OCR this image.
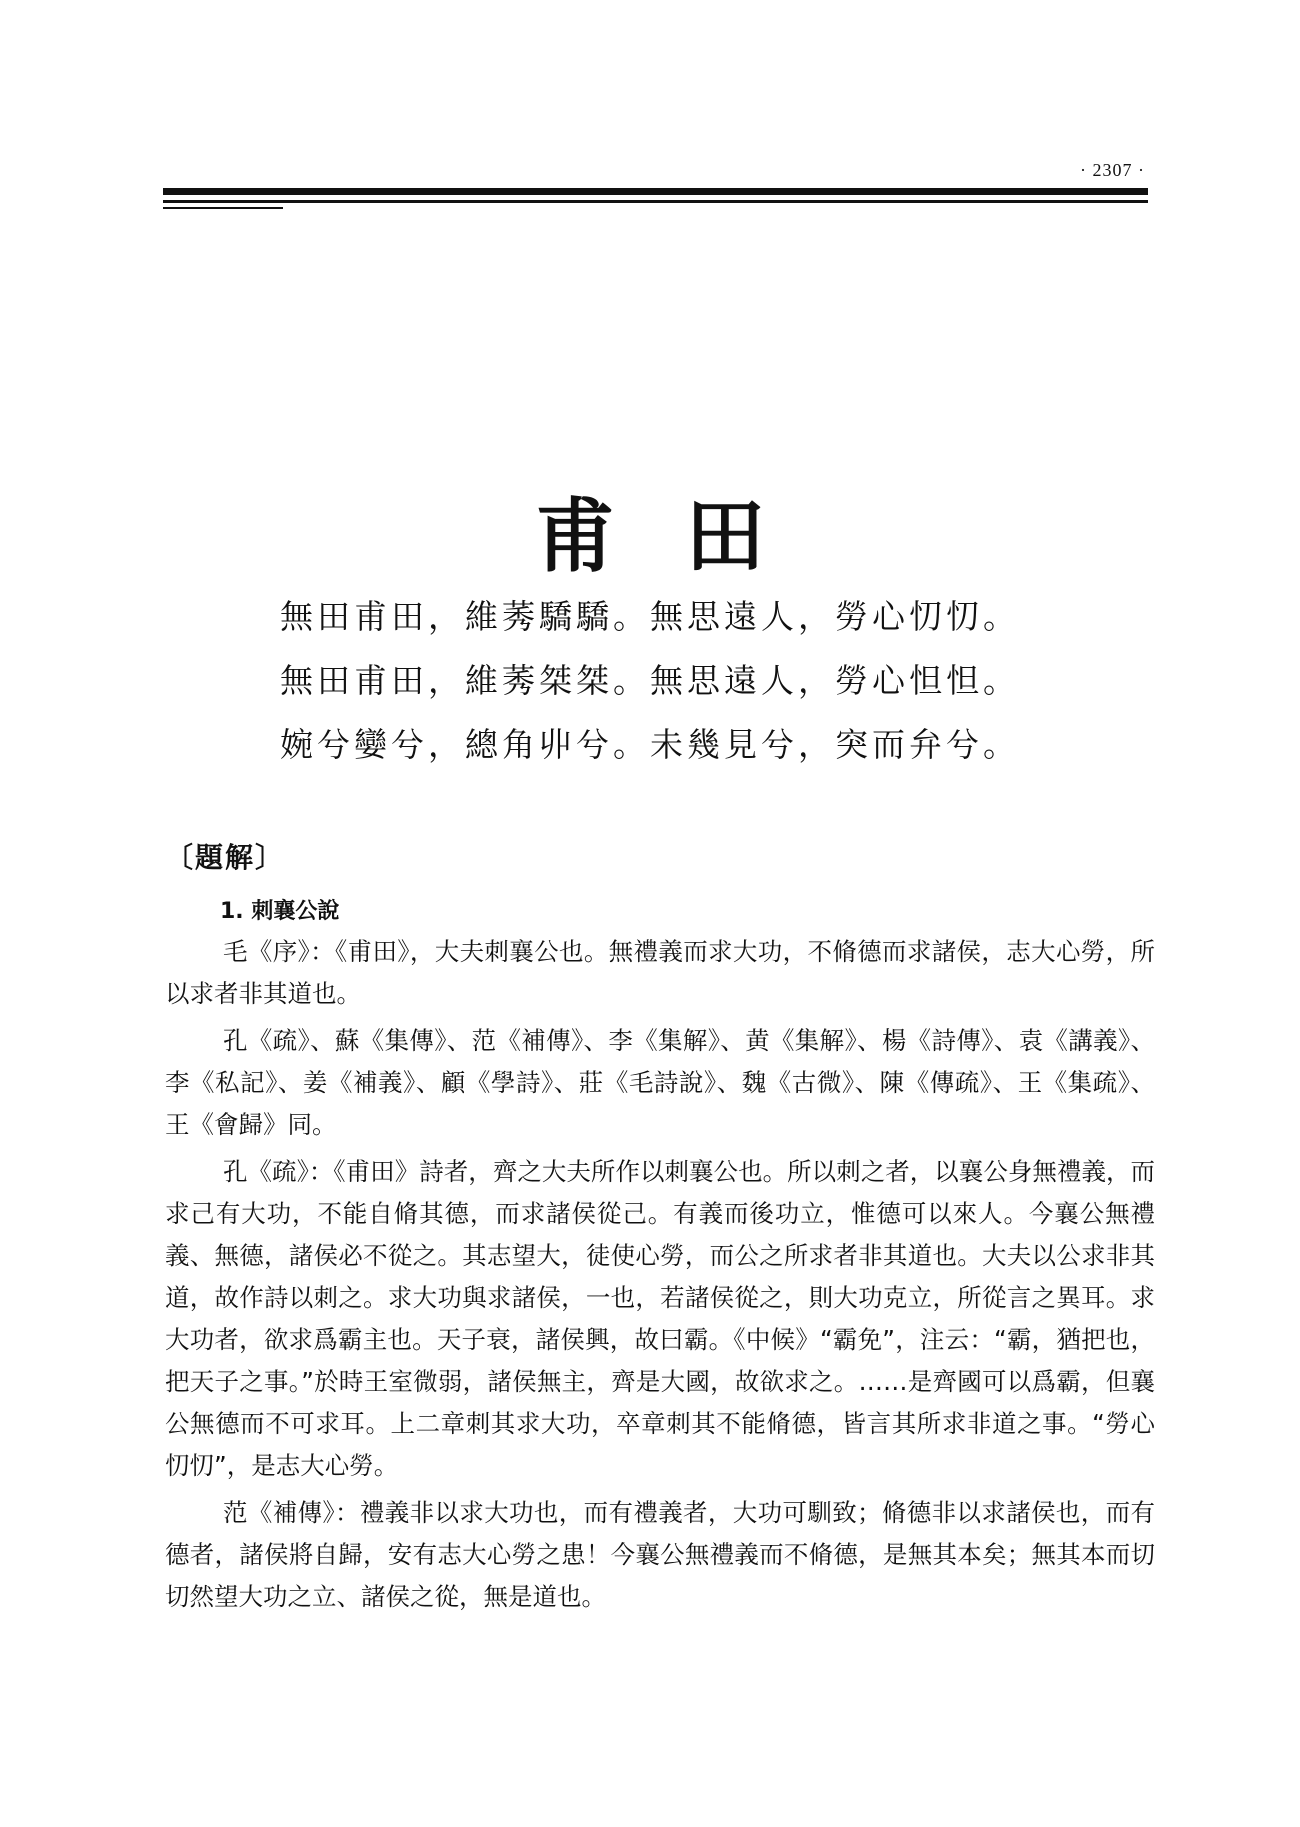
· 2307 ·
甫田
無田甫田，維莠驕驕。無思遠人，勞心忉忉。
無田甫田，維莠桀桀。無思遠人，勞心怛怛。
婉兮孌兮，總角丱兮。未幾見兮，突而弁兮。
〔題解〕
1. 刺襄公說

毛《序》：《甫田》，大夫刺襄公也。無禮義而求大功，不脩德而求諸侯，志大心勞，所以求者非其道也。

孔《疏》、蘇《集傳》、范《補傳》、李《集解》、黄《集解》、楊《詩傳》、袁《講義》、李《私記》、姜《補義》、顧《學詩》、莊《毛詩說》、魏《古微》、陳《傳疏》、王《集疏》、王《會歸》同。

孔《疏》：《甫田》詩者，齊之大夫所作以刺襄公也。所以刺之者，以襄公身無禮義，而求己有大功，不能自脩其德，而求諸侯從己。有義而後功立，惟德可以來人。今襄公無禮義、無德，諸侯必不從之。其志望大，徒使心勞，而公之所求者非其道也。大夫以公求非其道，故作詩以刺之。求大功與求諸侯，一也，若諸侯從之，則大功克立，所從言之異耳。求大功者，欲求爲霸主也。天子衰，諸侯興，故曰霸。《中候》“霸免”，注云：“霸，猶把也，把天子之事。”於時王室微弱，諸侯無主，齊是大國，故欲求之。……是齊國可以爲霸，但襄公無德而不可求耳。上二章刺其求大功，卒章刺其不能脩德，皆言其所求非道之事。“勞心忉忉”，是志大心勞。

范《補傳》：禮義非以求大功也，而有禮義者，大功可馴致；脩德非以求諸侯也，而有德者，諸侯將自歸，安有志大心勞之患！今襄公無禮義而不脩德，是無其本矣；無其本而切切然望大功之立、諸侯之從，無是道也。
